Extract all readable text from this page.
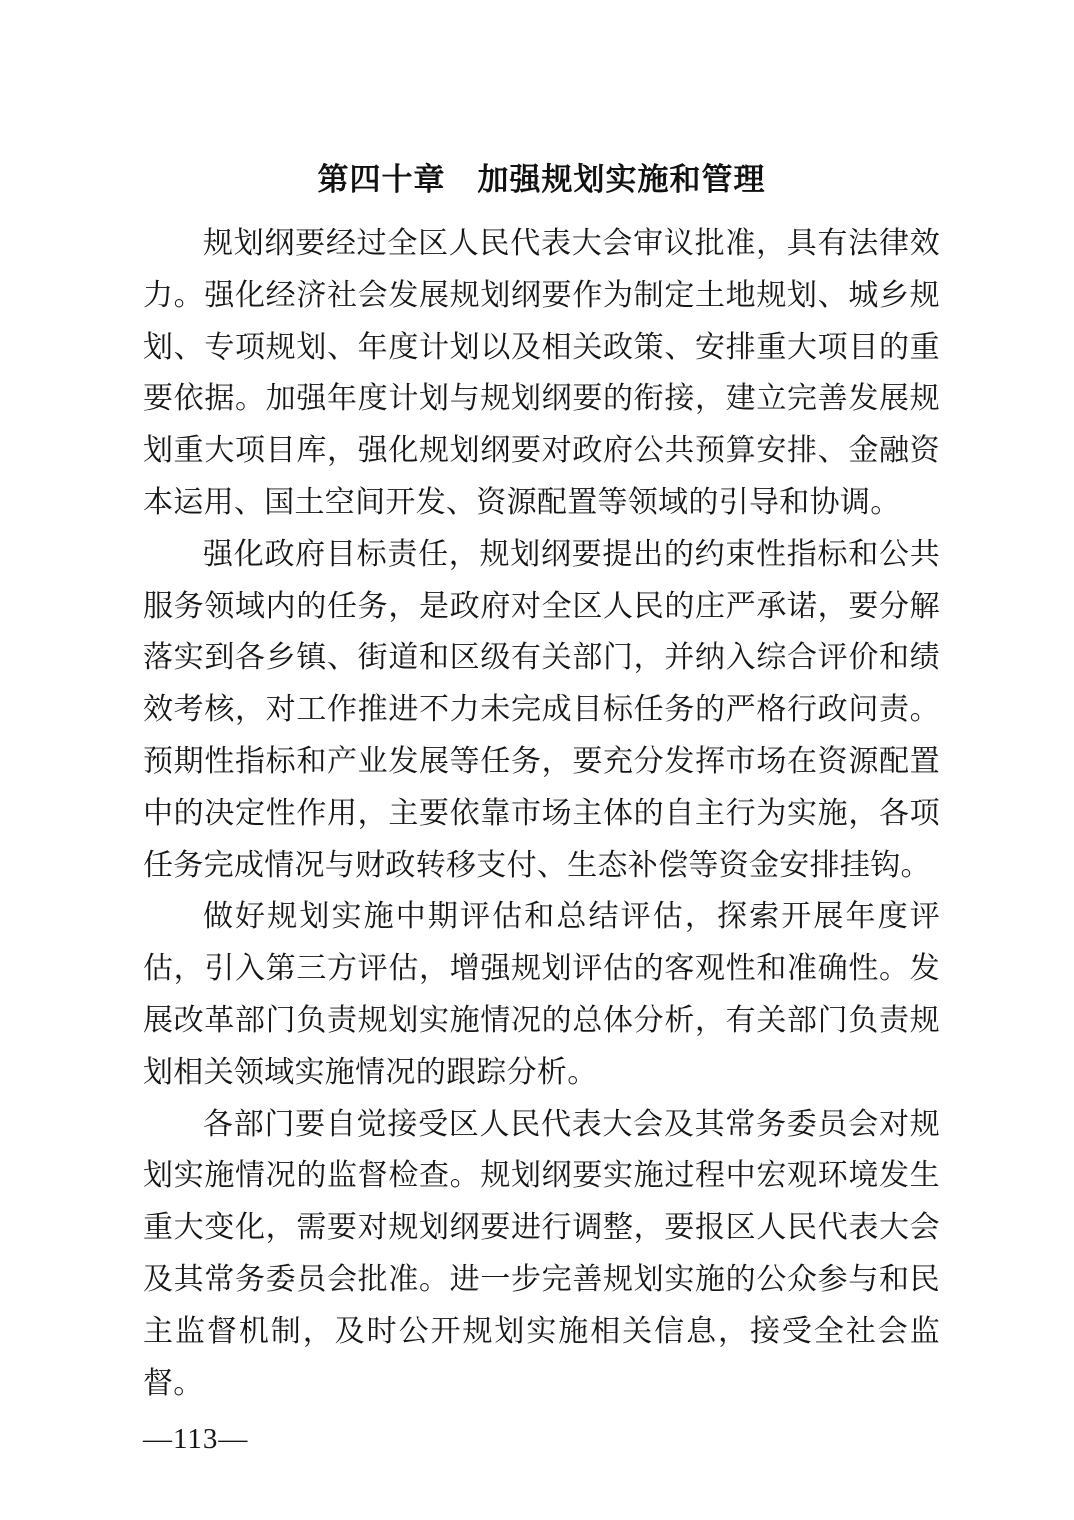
第四十章　加强规划实施和管理

规划纲要经过全区人民代表大会审议批准，具有法律效力。强化经济社会发展规划纲要作为制定土地规划、城乡规划、专项规划、年度计划以及相关政策、安排重大项目的重要依据。加强年度计划与规划纲要的衔接，建立完善发展规划重大项目库，强化规划纲要对政府公共预算安排、金融资本运用、国土空间开发、资源配置等领域的引导和协调。

强化政府目标责任，规划纲要提出的约束性指标和公共服务领域内的任务，是政府对全区人民的庄严承诺，要分解落实到各乡镇、街道和区级有关部门，并纳入综合评价和绩效考核，对工作推进不力未完成目标任务的严格行政问责。预期性指标和产业发展等任务，要充分发挥市场在资源配置中的决定性作用，主要依靠市场主体的自主行为实施，各项任务完成情况与财政转移支付、生态补偿等资金安排挂钩。

做好规划实施中期评估和总结评估，探索开展年度评估，引入第三方评估，增强规划评估的客观性和准确性。发展改革部门负责规划实施情况的总体分析，有关部门负责规划相关领域实施情况的跟踪分析。

各部门要自觉接受区人民代表大会及其常务委员会对规划实施情况的监督检查。规划纲要实施过程中宏观环境发生重大变化，需要对规划纲要进行调整，要报区人民代表大会及其常务委员会批准。进一步完善规划实施的公众参与和民主监督机制，及时公开规划实施相关信息，接受全社会监督。

—113—
